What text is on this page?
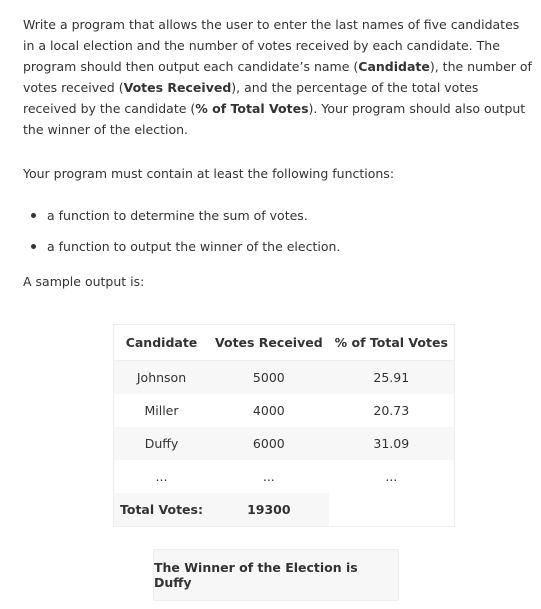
Write a program that allows the user to enter the last names of five candidates in a local election and the number of votes received by each candidate. The program should then output each candidate’s name (Candidate), the number of votes received (Votes Received), and the percentage of the total votes received by the candidate (% of Total Votes). Your program should also output the winner of the election.

Your program must contain at least the following functions:

a function to determine the sum of votes.
a function to output the winner of the election.

A sample output is:

Candidate	Votes Received	% of Total Votes
Johnson	5000	25.91
Miller	4000	20.73
Duffy	6000	31.09
...	...	...
Total Votes:	19300	
The Winner of the Election is Duffy
